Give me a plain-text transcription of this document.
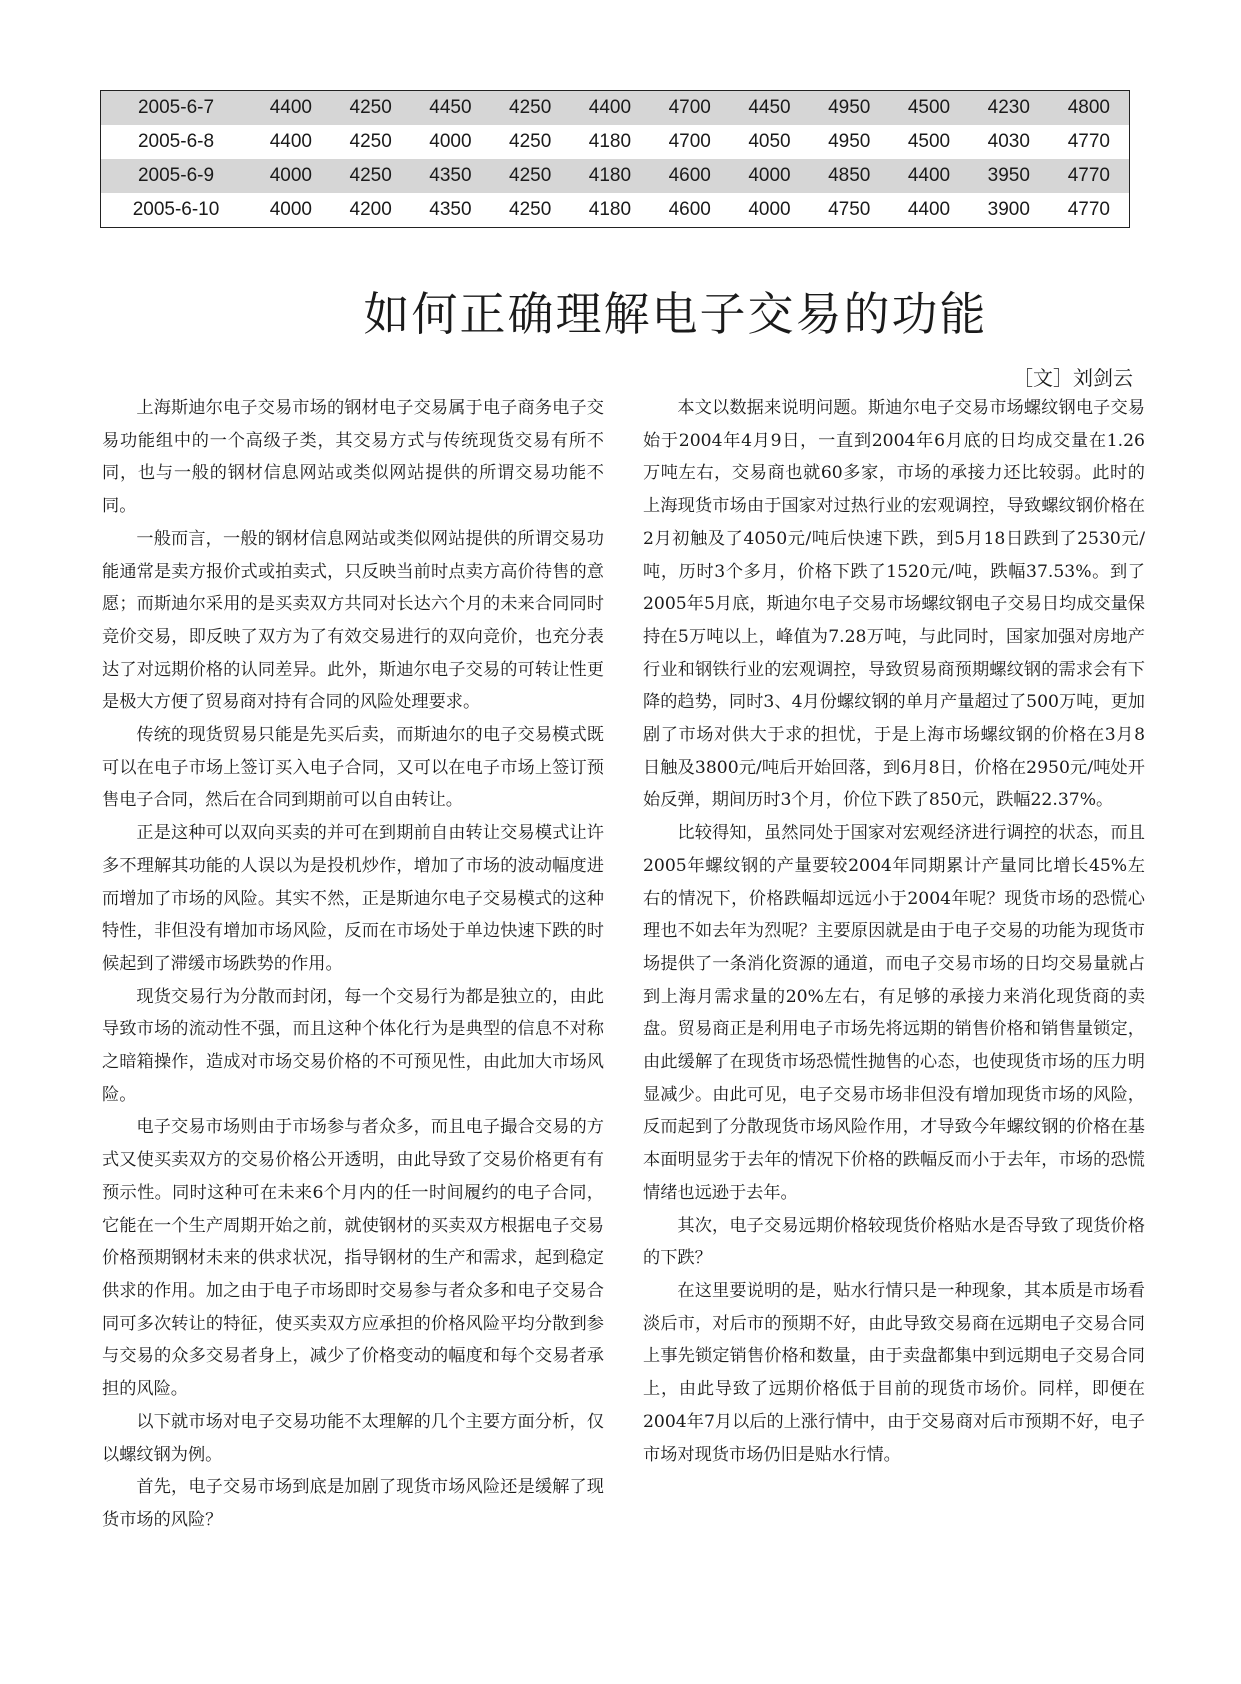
2005-6-7	4400	4250	4450	4250	4400	4700	4450	4950	4500	4230	4800
2005-6-8	4400	4250	4000	4250	4180	4700	4050	4950	4500	4030	4770
2005-6-9	4000	4250	4350	4250	4180	4600	4000	4850	4400	3950	4770
2005-6-10	4000	4200	4350	4250	4180	4600	4000	4750	4400	3900	4770
如何正确理解电子交易的功能
［文］刘剑云

上海斯迪尔电子交易市场的钢材电子交易属于电子商务电子交易功能组中的一个高级子类，其交易方式与传统现货交易有所不同，也与一般的钢材信息网站或类似网站提供的所谓交易功能不同。

一般而言，一般的钢材信息网站或类似网站提供的所谓交易功能通常是卖方报价式或拍卖式，只反映当前时点卖方高价待售的意愿；而斯迪尔采用的是买卖双方共同对长达六个月的未来合同同时竞价交易，即反映了双方为了有效交易进行的双向竞价，也充分表达了对远期价格的认同差异。此外，斯迪尔电子交易的可转让性更是极大方便了贸易商对持有合同的风险处理要求。

传统的现货贸易只能是先买后卖，而斯迪尔的电子交易模式既可以在电子市场上签订买入电子合同，又可以在电子市场上签订预售电子合同，然后在合同到期前可以自由转让。

正是这种可以双向买卖的并可在到期前自由转让交易模式让许多不理解其功能的人误以为是投机炒作，增加了市场的波动幅度进而增加了市场的风险。其实不然，正是斯迪尔电子交易模式的这种特性，非但没有增加市场风险，反而在市场处于单边快速下跌的时候起到了滞缓市场跌势的作用。

现货交易行为分散而封闭，每一个交易行为都是独立的，由此导致市场的流动性不强，而且这种个体化行为是典型的信息不对称之暗箱操作，造成对市场交易价格的不可预见性，由此加大市场风险。

电子交易市场则由于市场参与者众多，而且电子撮合交易的方式又使买卖双方的交易价格公开透明，由此导致了交易价格更有有预示性。同时这种可在未来6个月内的任一时间履约的电子合同，它能在一个生产周期开始之前，就使钢材的买卖双方根据电子交易价格预期钢材未来的供求状况，指导钢材的生产和需求，起到稳定供求的作用。加之由于电子市场即时交易参与者众多和电子交易合同可多次转让的特征，使买卖双方应承担的价格风险平均分散到参与交易的众多交易者身上，减少了价格变动的幅度和每个交易者承担的风险。

以下就市场对电子交易功能不太理解的几个主要方面分析，仅以螺纹钢为例。

首先，电子交易市场到底是加剧了现货市场风险还是缓解了现货市场的风险？

本文以数据来说明问题。斯迪尔电子交易市场螺纹钢电子交易始于2004年4月9日，一直到2004年6月底的日均成交量在1.26万吨左右，交易商也就60多家，市场的承接力还比较弱。此时的上海现货市场由于国家对过热行业的宏观调控，导致螺纹钢价格在2月初触及了4050元/吨后快速下跌，到5月18日跌到了2530元/吨，历时3个多月，价格下跌了1520元/吨，跌幅37.53%。到了2005年5月底，斯迪尔电子交易市场螺纹钢电子交易日均成交量保持在5万吨以上，峰值为7.28万吨，与此同时，国家加强对房地产行业和钢铁行业的宏观调控，导致贸易商预期螺纹钢的需求会有下降的趋势，同时3、4月份螺纹钢的单月产量超过了500万吨，更加剧了市场对供大于求的担忧，于是上海市场螺纹钢的价格在3月8日触及3800元/吨后开始回落，到6月8日，价格在2950元/吨处开始反弹，期间历时3个月，价位下跌了850元，跌幅22.37%。

比较得知，虽然同处于国家对宏观经济进行调控的状态，而且2005年螺纹钢的产量要较2004年同期累计产量同比增长45%左右的情况下，价格跌幅却远远小于2004年呢？现货市场的恐慌心理也不如去年为烈呢？主要原因就是由于电子交易的功能为现货市场提供了一条消化资源的通道，而电子交易市场的日均交易量就占到上海月需求量的20%左右，有足够的承接力来消化现货商的卖盘。贸易商正是利用电子市场先将远期的销售价格和销售量锁定，由此缓解了在现货市场恐慌性抛售的心态，也使现货市场的压力明显减少。由此可见，电子交易市场非但没有增加现货市场的风险，反而起到了分散现货市场风险作用，才导致今年螺纹钢的价格在基本面明显劣于去年的情况下价格的跌幅反而小于去年，市场的恐慌情绪也远逊于去年。

其次，电子交易远期价格较现货价格贴水是否导致了现货价格的下跌？

在这里要说明的是，贴水行情只是一种现象，其本质是市场看淡后市，对后市的预期不好，由此导致交易商在远期电子交易合同上事先锁定销售价格和数量，由于卖盘都集中到远期电子交易合同上，由此导致了远期价格低于目前的现货市场价。同样，即便在2004年7月以后的上涨行情中，由于交易商对后市预期不好，电子市场对现货市场仍旧是贴水行情。
